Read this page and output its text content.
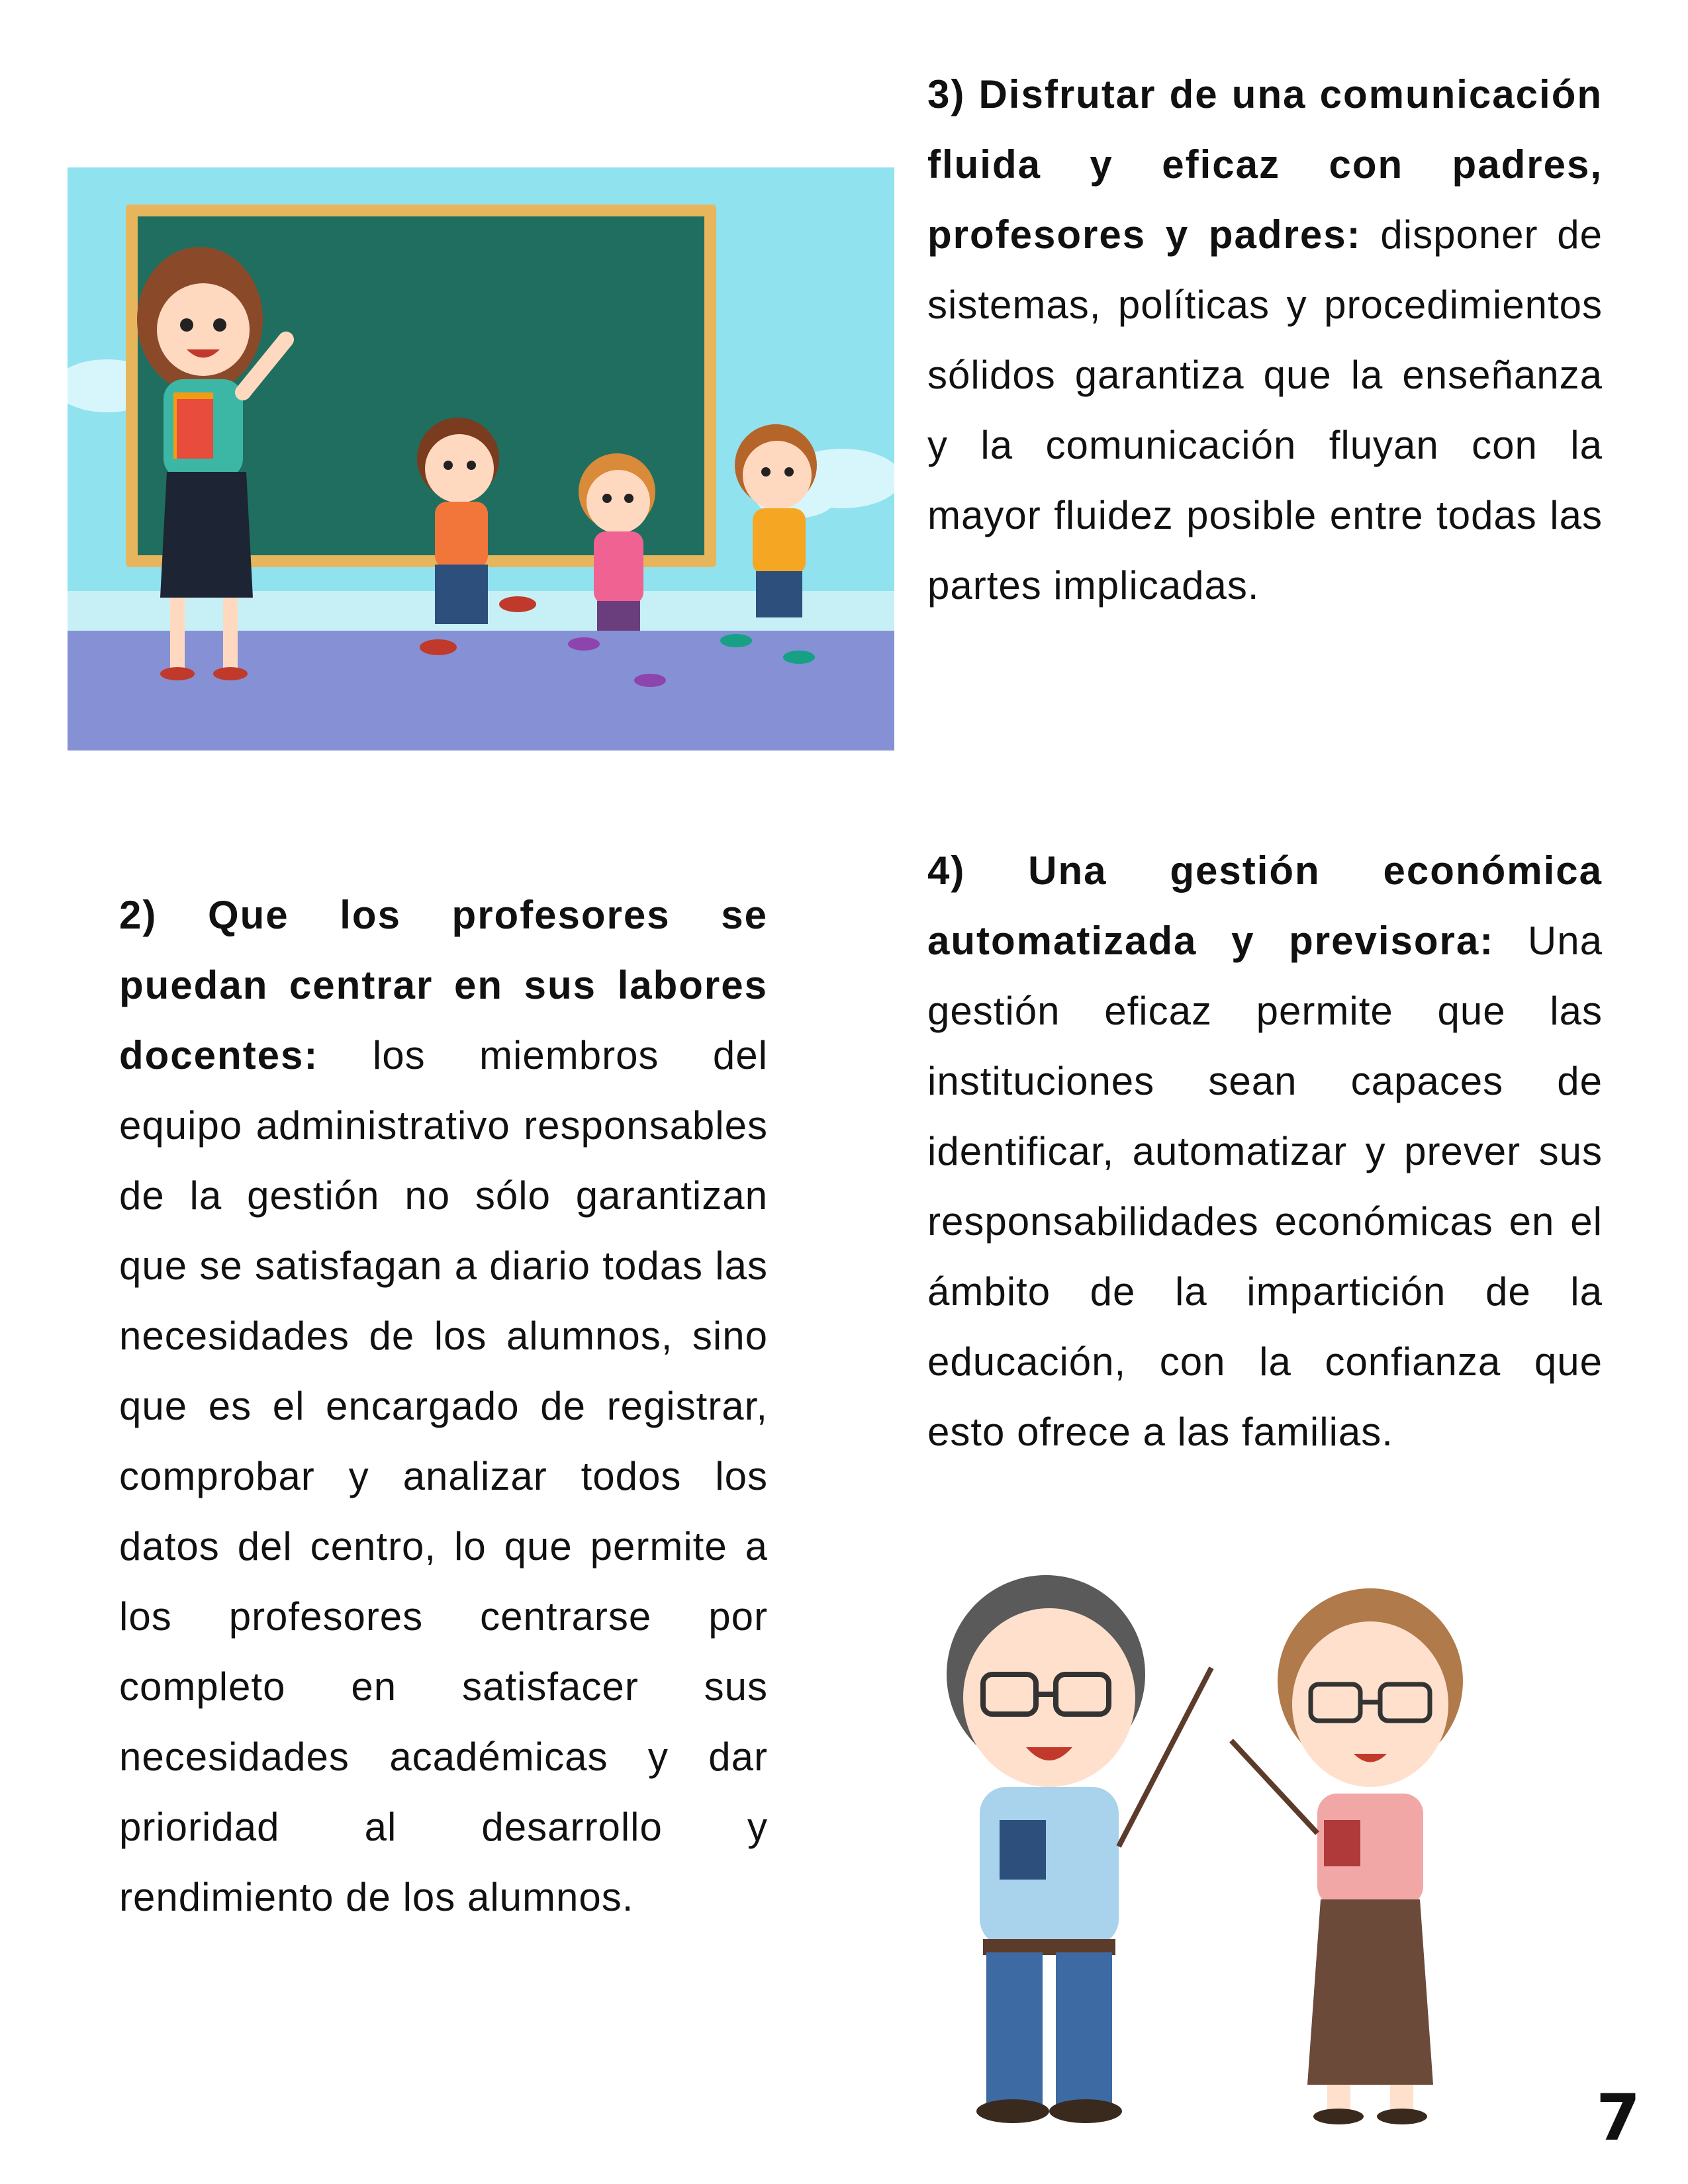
3) Disfrutar de una comunicación fluida y eficaz con padres, profesores y padres: disponer de sistemas, políticas y procedimientos sólidos garantiza que la enseñanza y la comunicación fluyan con la mayor fluidez posible entre todas las partes implicadas.

4) Una gestión económica automatizada y previsora: Una gestión eficaz permite que las instituciones sean capaces de identificar, automatizar y prever sus responsabilidades económicas en el ámbito de la impartición de la educación, con la confianza que esto ofrece a las familias.

2) Que los profesores se puedan centrar en sus labores docentes: los miembros del equipo administrativo responsables de la gestión no sólo garantizan que se satisfagan a diario todas las necesidades de los alumnos, sino que es el encargado de registrar, comprobar y analizar todos los datos del centro, lo que permite a los profesores centrarse por completo en satisfacer sus necesidades académicas y dar prioridad al desarrollo y rendimiento de los alumnos.

7
